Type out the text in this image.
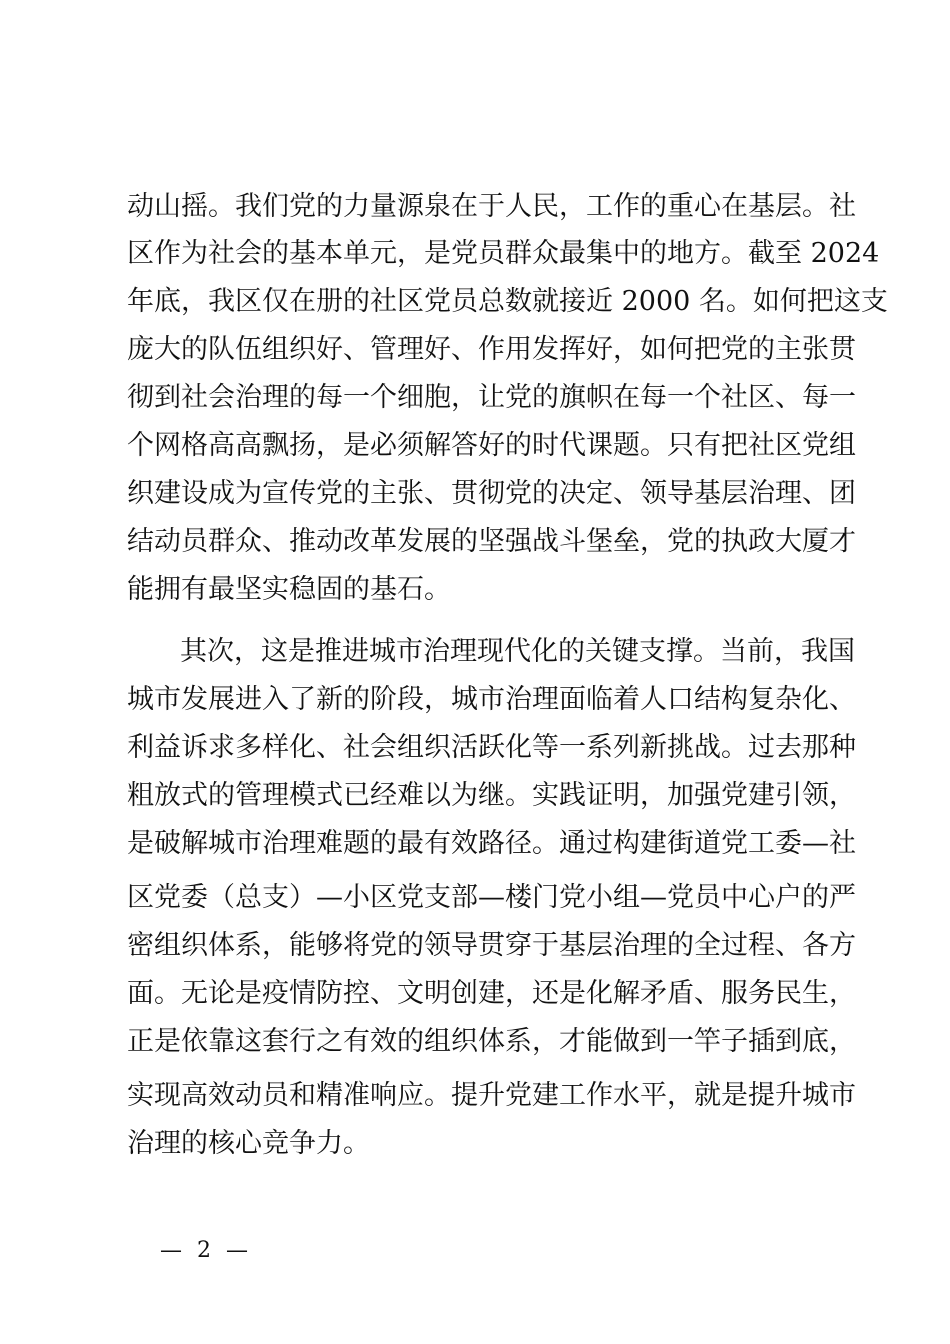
动山摇。我们党的力量源泉在于人民，工作的重心在基层。社
区作为社会的基本单元，是党员群众最集中的地方。截至 2024
年底，我区仅在册的社区党员总数就接近 2000 名。如何把这支
庞大的队伍组织好、管理好、作用发挥好，如何把党的主张贯
彻到社会治理的每一个细胞，让党的旗帜在每一个社区、每一
个网格高高飘扬，是必须解答好的时代课题。只有把社区党组
织建设成为宣传党的主张、贯彻党的决定、领导基层治理、团
结动员群众、推动改革发展的坚强战斗堡垒，党的执政大厦才
能拥有最坚实稳固的基石。
其次，这是推进城市治理现代化的关键支撑。当前，我国
城市发展进入了新的阶段，城市治理面临着人口结构复杂化、
利益诉求多样化、社会组织活跃化等一系列新挑战。过去那种
粗放式的管理模式已经难以为继。实践证明，加强党建引领，
是破解城市治理难题的最有效路径。通过构建街道党工委—社
区党委（总支）—小区党支部—楼门党小组—党员中心户的严
密组织体系，能够将党的领导贯穿于基层治理的全过程、各方
面。无论是疫情防控、文明创建，还是化解矛盾、服务民生，
正是依靠这套行之有效的组织体系，才能做到一竿子插到底，
实现高效动员和精准响应。提升党建工作水平，就是提升城市
治理的核心竞争力。
— 2 —
